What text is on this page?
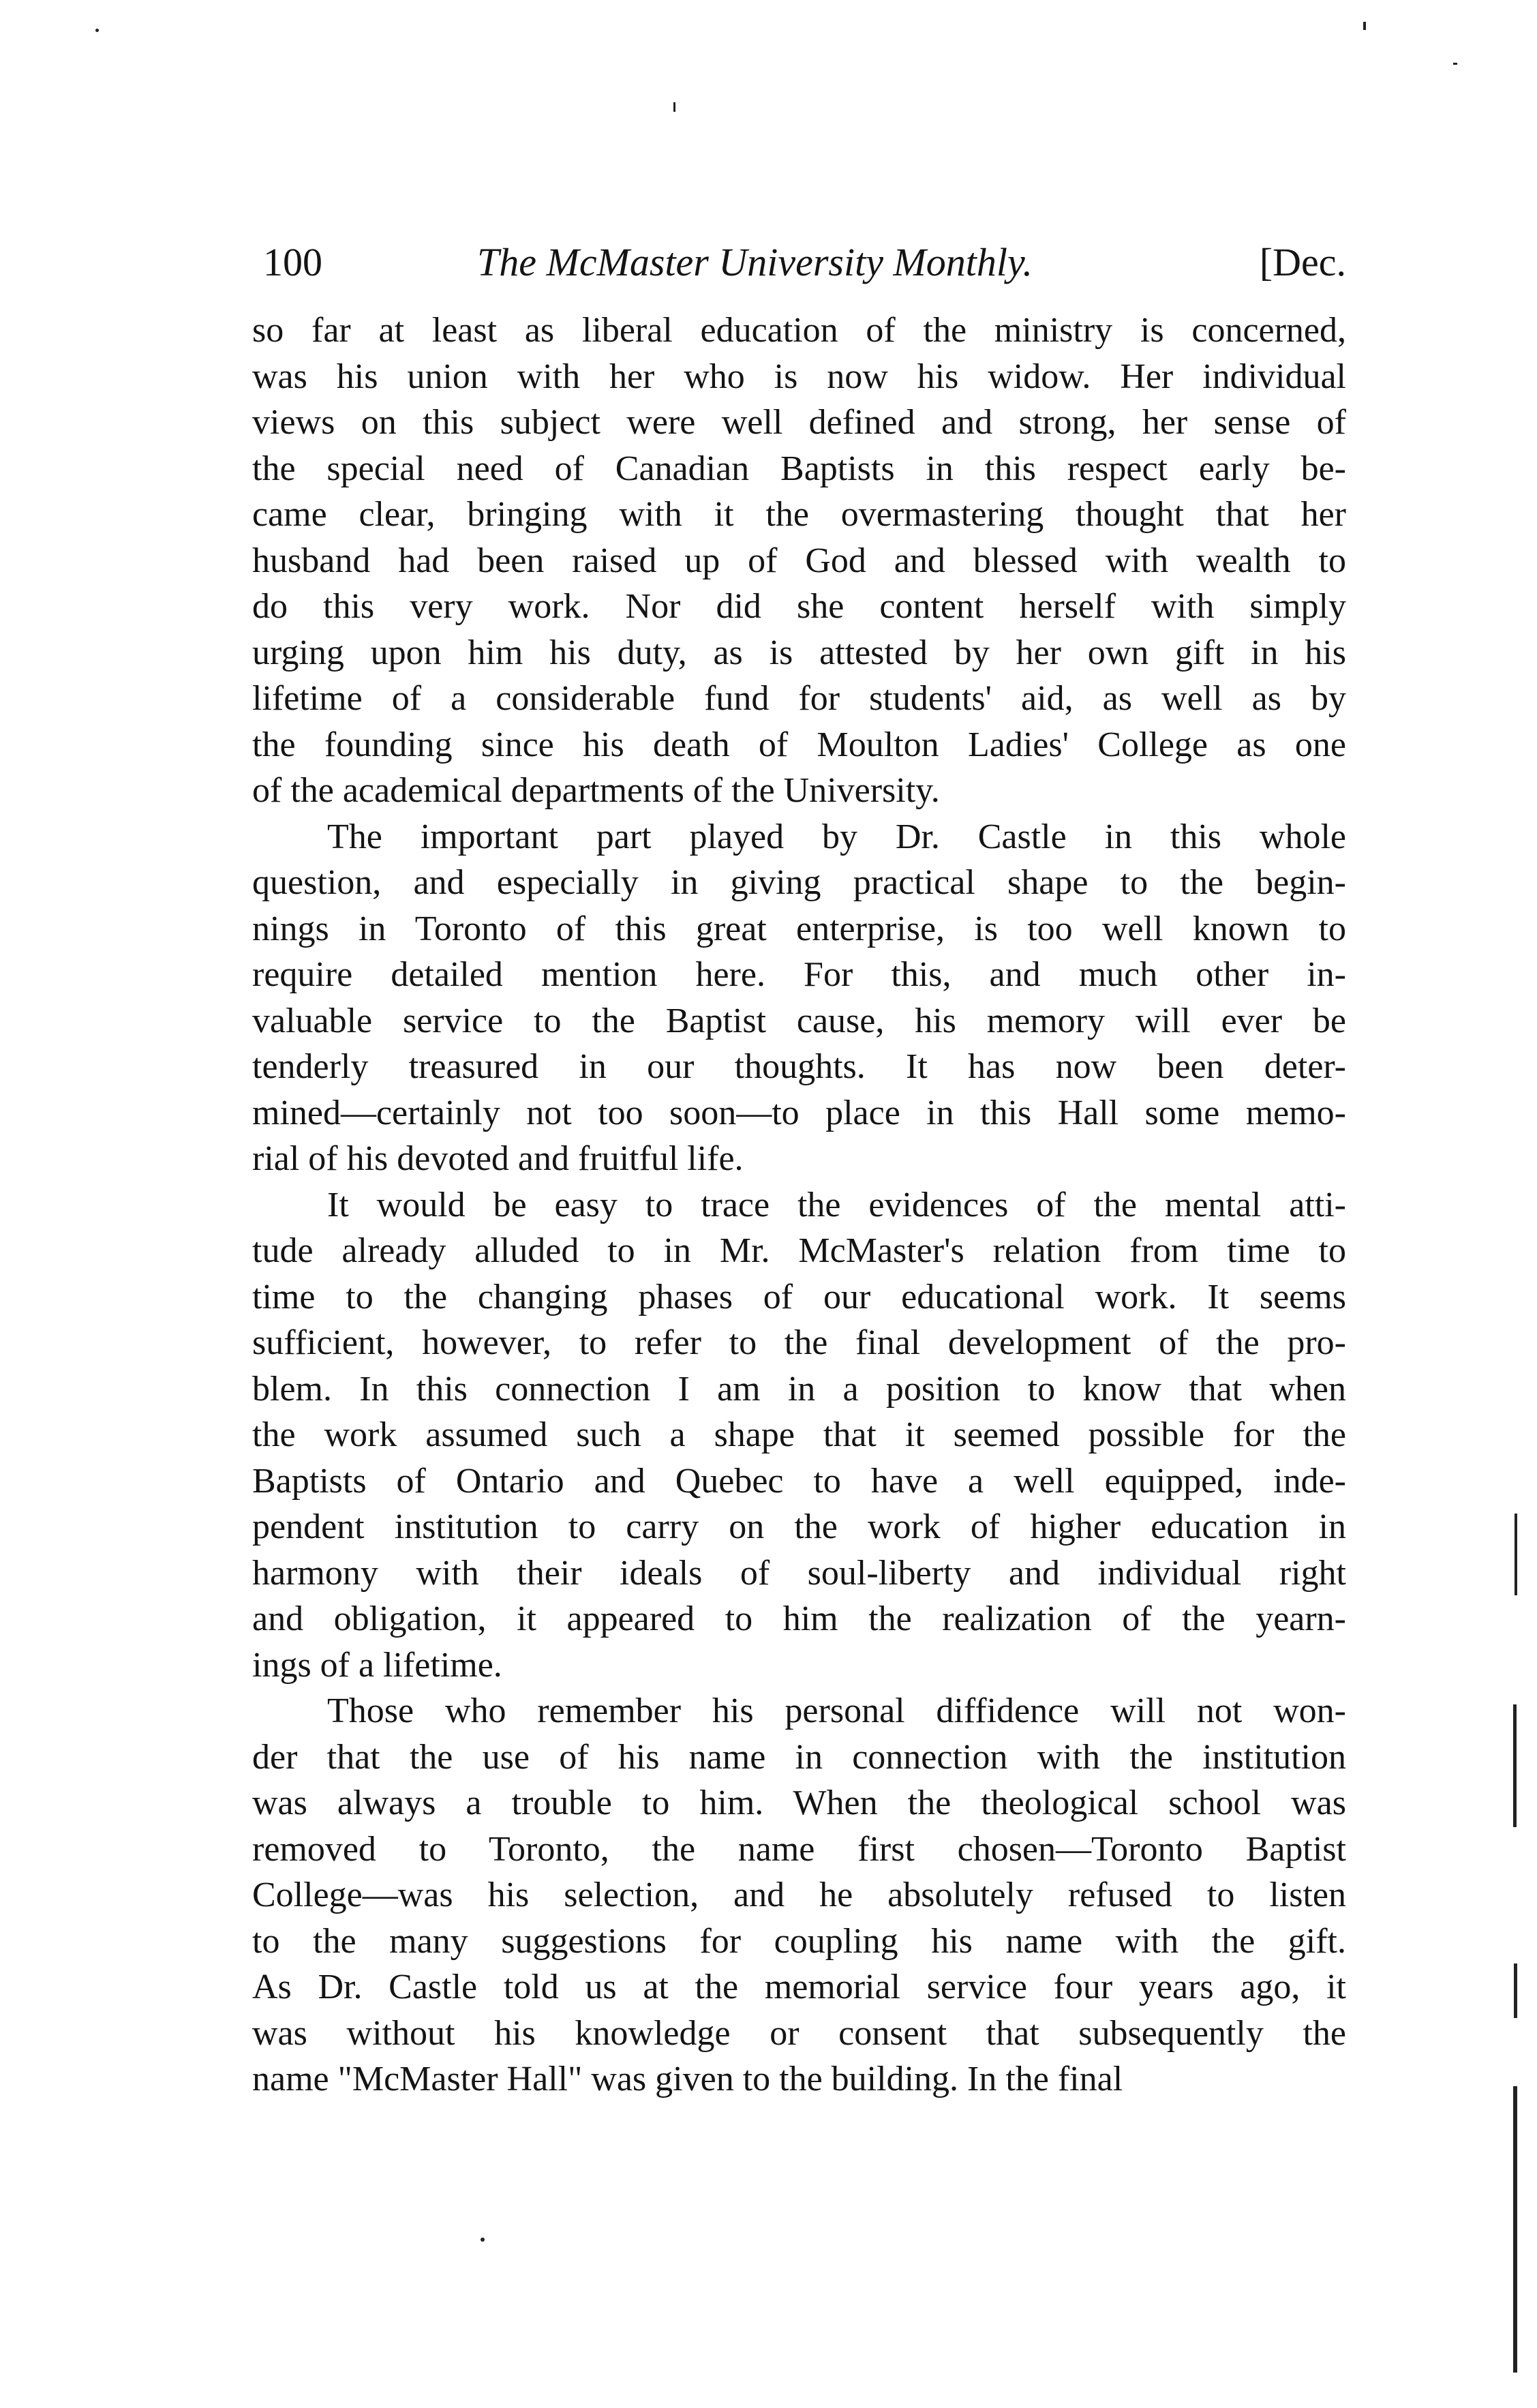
100	The McMaster University Monthly.	[Dec.

so far at least as liberal education of the ministry is concerned,
was his union with her who is now his widow. Her individual
views on this subject were well defined and strong, her sense of
the special need of Canadian Baptists in this respect early be-
came clear, bringing with it the overmastering thought that her
husband had been raised up of God and blessed with wealth to
do this very work. Nor did she content herself with simply
urging upon him his duty, as is attested by her own gift in his
lifetime of a considerable fund for students' aid, as well as by
the founding since his death of Moulton Ladies' College as one
of the academical departments of the University.

The important part played by Dr. Castle in this whole
question, and especially in giving practical shape to the begin-
nings in Toronto of this great enterprise, is too well known to
require detailed mention here. For this, and much other in-
valuable service to the Baptist cause, his memory will ever be
tenderly treasured in our thoughts. It has now been deter-
mined—certainly not too soon—to place in this Hall some memo-
rial of his devoted and fruitful life.

It would be easy to trace the evidences of the mental atti-
tude already alluded to in Mr. McMaster's relation from time to
time to the changing phases of our educational work. It seems
sufficient, however, to refer to the final development of the pro-
blem. In this connection I am in a position to know that when
the work assumed such a shape that it seemed possible for the
Baptists of Ontario and Quebec to have a well equipped, inde-
pendent institution to carry on the work of higher education in
harmony with their ideals of soul-liberty and individual right
and obligation, it appeared to him the realization of the yearn-
ings of a lifetime.

Those who remember his personal diffidence will not won-
der that the use of his name in connection with the institution
was always a trouble to him. When the theological school was
removed to Toronto, the name first chosen—Toronto Baptist
College—was his selection, and he absolutely refused to listen
to the many suggestions for coupling his name with the gift.
As Dr. Castle told us at the memorial service four years ago, it
was without his knowledge or consent that subsequently the
name "McMaster Hall" was given to the building. In the final
